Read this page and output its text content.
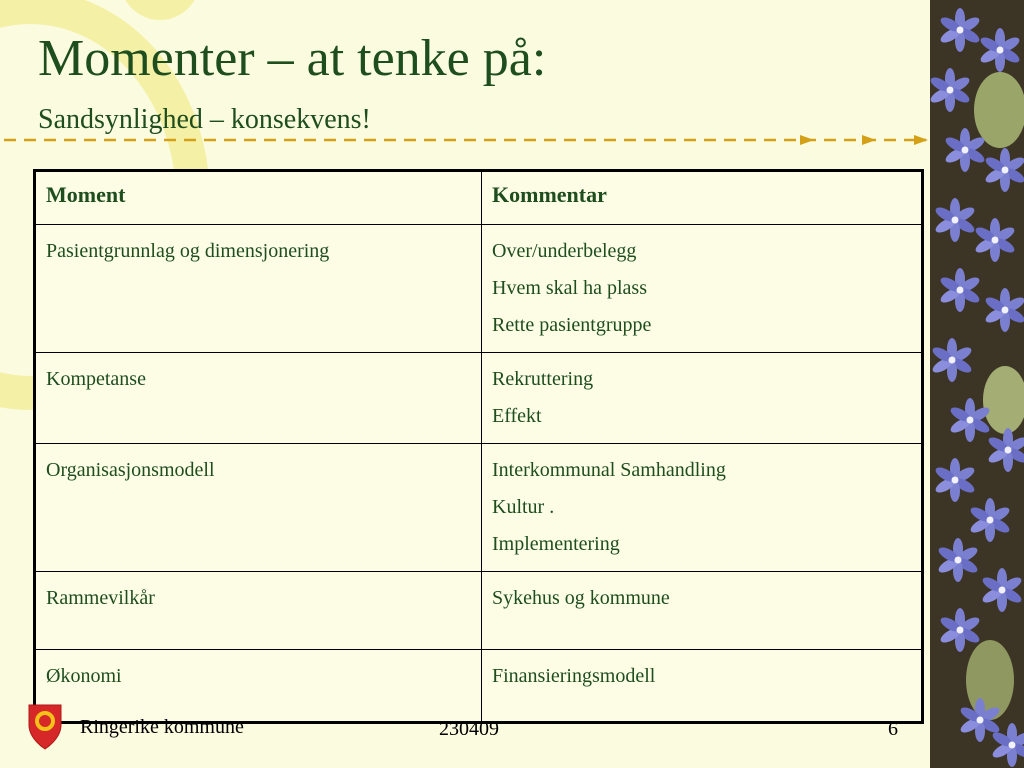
Momenter – at tenke på:
Sandsynlighed – konsekvens!
Moment	Kommentar
Pasientgrunnlag og dimensjonering	Over/underbelegg
Hvem skal ha plass
Rette pasientgruppe

Kompetanse	Rekruttering
Effekt

Organisasjonsmodell	Interkommunal Samhandling
Kultur .
Implementering

Rammevilkår	Sykehus og kommune

Økonomi	Finansieringsmodell
Ringerike kommune	230409	6
